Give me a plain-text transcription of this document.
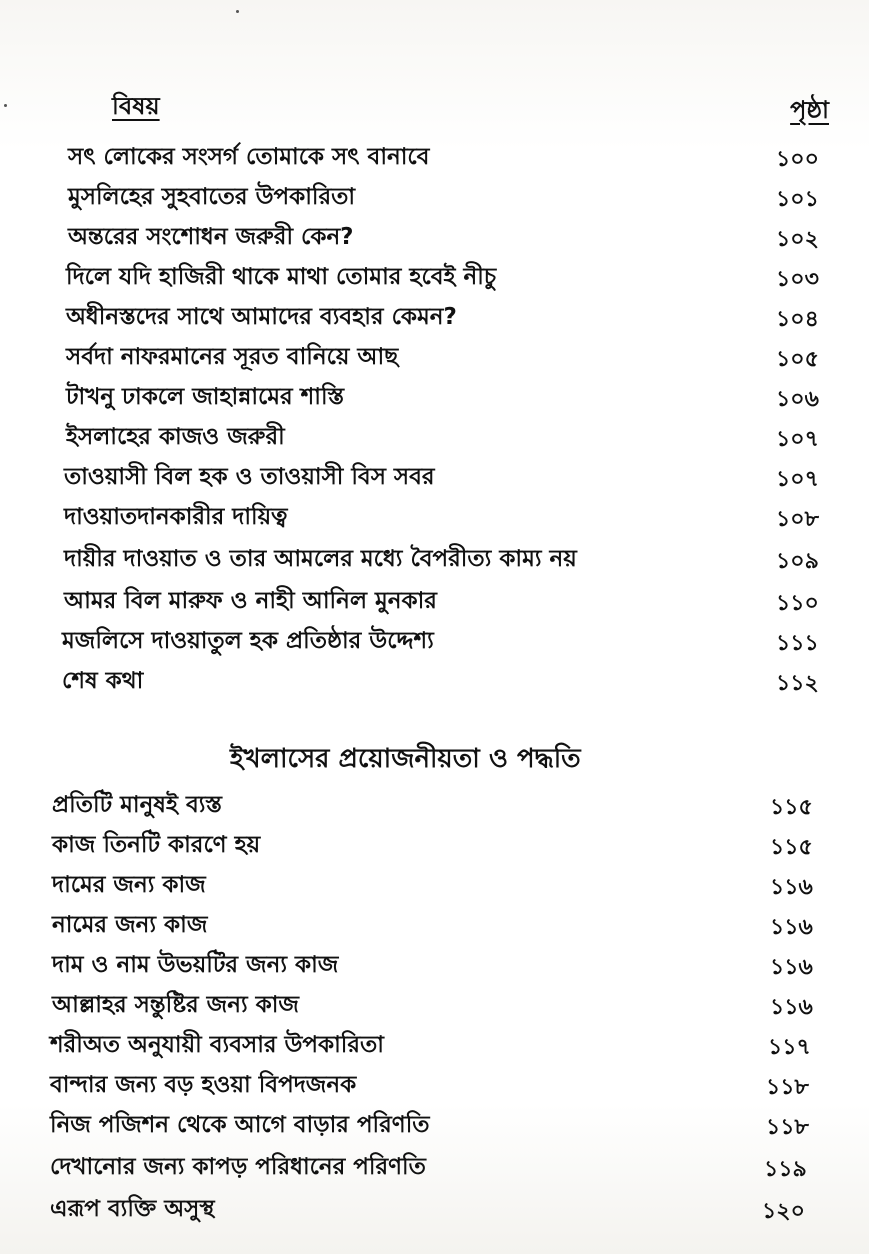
বিষয়	পৃষ্ঠা
সৎ লোকের সংসর্গ তোমাকে সৎ বানাবে	১০০
মুসলিহের সুহবাতের উপকারিতা	১০১
অন্তরের সংশোধন জরুরী কেন?	১০২
দিলে যদি হাজিরী থাকে মাথা তোমার হবেই নীচু	১০৩
অধীনস্তদের সাথে আমাদের ব্যবহার কেমন?	১০৪
সর্বদা নাফরমানের সূরত বানিয়ে আছ	১০৫
টাখনু ঢাকলে জাহান্নামের শাস্তি	১০৬
ইসলাহের কাজও জরুরী	১০৭
তাওয়াসী বিল হক ও তাওয়াসী বিস সবর	১০৭
দাওয়াতদানকারীর দায়িত্ব	১০৮
দায়ীর দাওয়াত ও তার আমলের মধ্যে বৈপরীত্য কাম্য নয়	১০৯
আমর বিল মারুফ ও নাহী আনিল মুনকার	১১০
মজলিসে দাওয়াতুল হক প্রতিষ্ঠার উদ্দেশ্য	১১১
শেষ কথা	১১২
ইখলাসের প্রয়োজনীয়তা ও পদ্ধতি
প্রতিটি মানুষই ব্যস্ত	১১৫
কাজ তিনটি কারণে হয়	১১৫
দামের জন্য কাজ	১১৬
নামের জন্য কাজ	১১৬
দাম ও নাম উভয়টির জন্য কাজ	১১৬
আল্লাহর সন্তুষ্টির জন্য কাজ	১১৬
শরীঅত অনুযায়ী ব্যবসার উপকারিতা	১১৭
বান্দার জন্য বড় হওয়া বিপদজনক	১১৮
নিজ পজিশন থেকে আগে বাড়ার পরিণতি	১১৮
দেখানোর জন্য কাপড় পরিধানের পরিণতি	১১৯
এরূপ ব্যক্তি অসুস্থ	১২০
